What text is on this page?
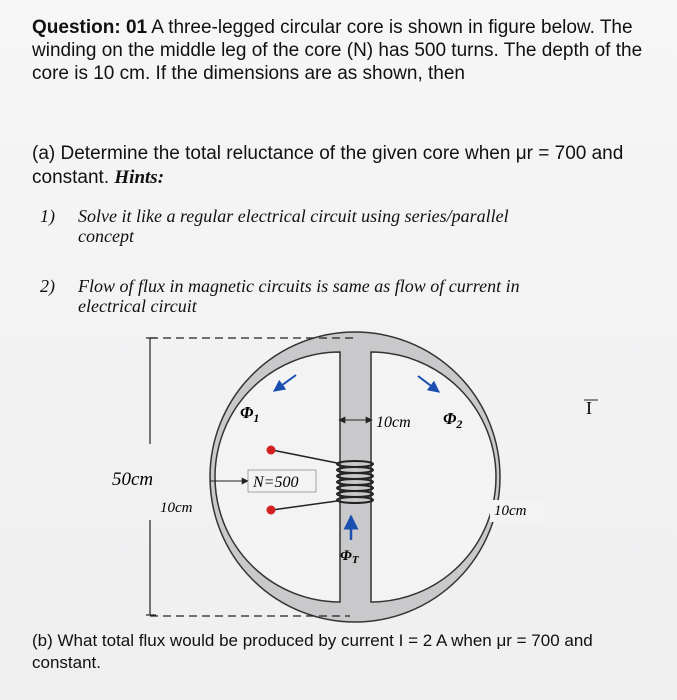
Question: 01 A three-legged circular core is shown in figure below. The winding on the middle leg of the core (N) has 500 turns. The depth of the core is 10 cm. If the dimensions are as shown, then
(a) Determine the total reluctance of the given core when μr = 700 and constant. Hints:
1) Solve it like a regular electrical circuit using series/parallel
concept
2) Flow of flux in magnetic circuits is same as flow of current in
electrical circuit
$\Phi_1$	$\Phi_2$
$\Phi_T$
10cm
N=500
50cm
10cm	10cm
I
(b) What total flux would be produced by current I = 2 A when μr = 700 and constant.
